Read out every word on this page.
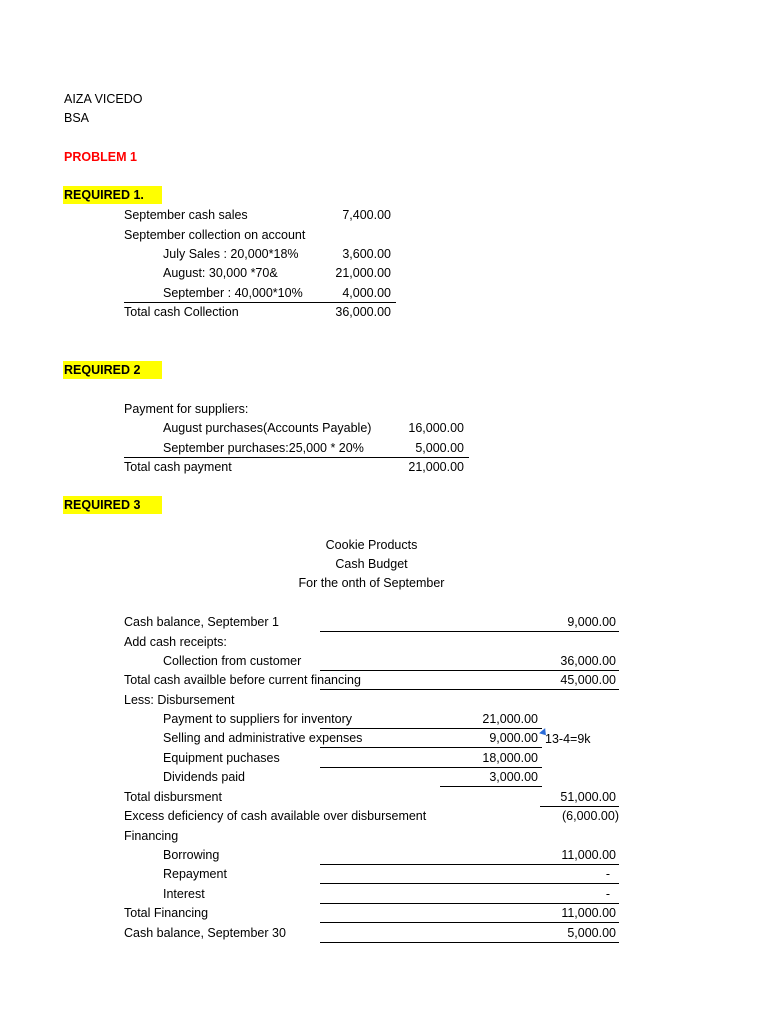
AIZA VICEDO
BSA
PROBLEM 1
REQUIRED 1.
September cash sales	7,400.00
September collection on account
July Sales : 20,000*18%	3,600.00
August: 30,000 *70&	21,000.00
September : 40,000*10%	4,000.00
Total cash Collection	36,000.00
REQUIRED 2
Payment for suppliers:
August purchases(Accounts Payable)	16,000.00
September purchases:25,000 * 20%	5,000.00
Total cash payment	21,000.00
REQUIRED 3
Cookie Products
Cash Budget
For the onth of September
Cash balance, September 1	9,000.00
Add cash receipts:
Collection from customer	36,000.00
Total cash availble before current financing	45,000.00
Less: Disbursement
Payment to suppliers for inventory	21,000.00
Selling and administrative expenses	9,000.00 13-4=9k
Equipment puchases	18,000.00
Dividends paid	3,000.00
Total disbursment	51,000.00
Excess deficiency of cash available over disbursement	(6,000.00)
Financing
Borrowing	11,000.00
Repayment	-
Interest	-
Total Financing	11,000.00
Cash balance, September 30	5,000.00
